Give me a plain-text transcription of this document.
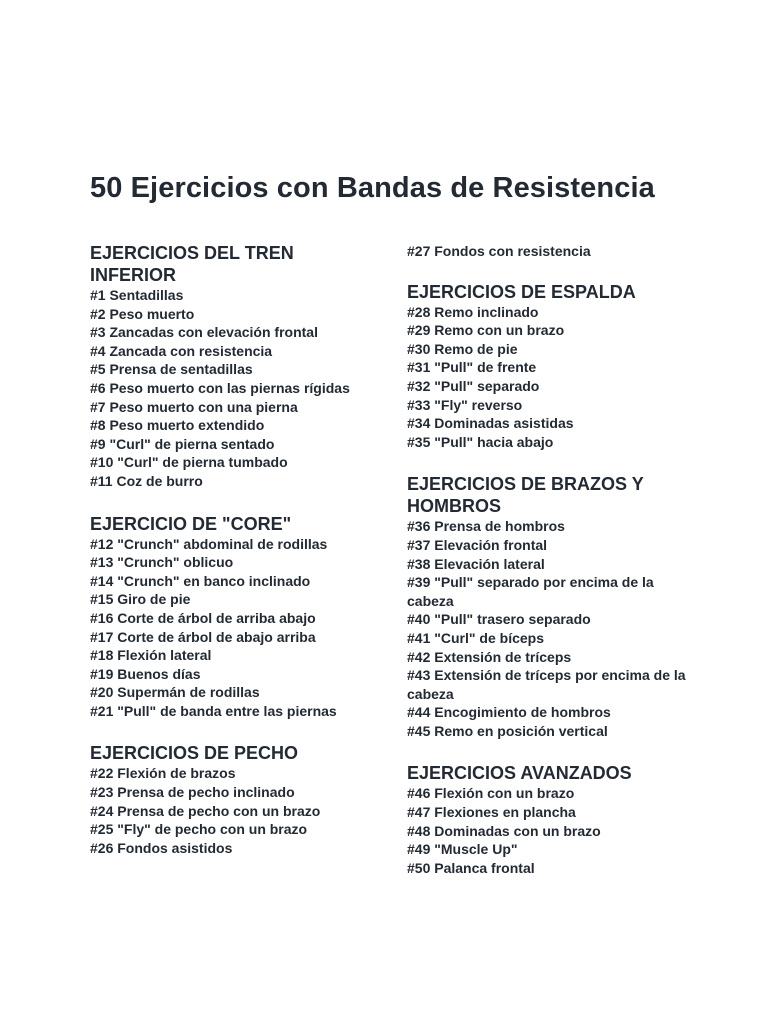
50 Ejercicios con Bandas de Resistencia
EJERCICIOS DEL TREN INFERIOR
#1 Sentadillas
#2 Peso muerto
#3 Zancadas con elevación frontal
#4 Zancada con resistencia
#5 Prensa de sentadillas
#6 Peso muerto con las piernas rígidas
#7 Peso muerto con una pierna
#8 Peso muerto extendido
#9 "Curl" de pierna sentado
#10 "Curl" de pierna tumbado
#11 Coz de burro
EJERCICIO DE "CORE"
#12 "Crunch" abdominal de rodillas
#13 "Crunch" oblicuo
#14 "Crunch" en banco inclinado
#15 Giro de pie
#16 Corte de árbol de arriba abajo
#17 Corte de árbol de abajo arriba
#18 Flexión lateral
#19 Buenos días
#20 Supermán de rodillas
#21 "Pull" de banda entre las piernas
EJERCICIOS DE PECHO
#22 Flexión de brazos
#23 Prensa de pecho inclinado
#24 Prensa de pecho con un brazo
#25 "Fly" de pecho con un brazo
#26 Fondos asistidos
#27 Fondos con resistencia
EJERCICIOS DE ESPALDA
#28 Remo inclinado
#29 Remo con un brazo
#30 Remo de pie
#31 "Pull" de frente
#32 "Pull" separado
#33 "Fly" reverso
#34 Dominadas asistidas
#35 "Pull" hacia abajo
EJERCICIOS DE BRAZOS Y HOMBROS
#36 Prensa de hombros
#37 Elevación frontal
#38 Elevación lateral
#39 "Pull" separado por encima de la cabeza
#40 "Pull" trasero separado
#41 "Curl" de bíceps
#42 Extensión de tríceps
#43 Extensión de tríceps por encima de la cabeza
#44 Encogimiento de hombros
#45 Remo en posición vertical
EJERCICIOS AVANZADOS
#46 Flexión con un brazo
#47 Flexiones en plancha
#48 Dominadas con un brazo
#49 "Muscle Up"
#50 Palanca frontal
